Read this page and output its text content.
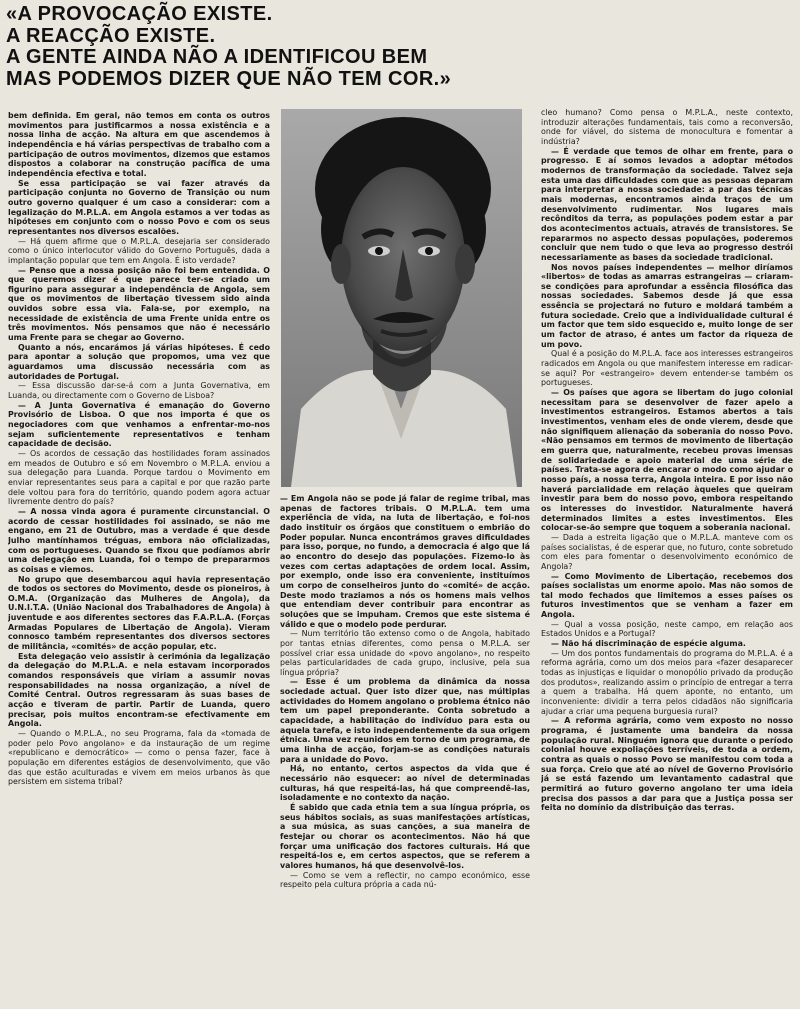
«A PROVOCAÇÃO EXISTE.
A REACÇÃO EXISTE.
A GENTE AINDA NÃO A IDENTIFICOU BEM
MAS PODEMOS DIZER QUE NÃO TEM COR.»

bem definida. Em geral, não temos em conta os outros movimentos para justificarmos a nossa existência e a nossa linha de acção. Na altura em que ascendemos à independência e há várias perspectivas de trabalho com a participação de outros movimentos, dizemos que estamos dispostos a colaborar na construção pacífica de uma independência efectiva e total.

Se essa participação se vai fazer através da participação conjunta no Governo de Transição ou num outro governo qualquer é um caso a considerar: com a legalização do M.P.L.A. em Angola estamos a ver todas as hipóteses em conjunto com o nosso Povo e com os seus representantes nos diversos escalões.

— Há quem afirme que o M.P.L.A. desejaria ser considerado como o único interlocutor válido do Governo Português, dada a implantação popular que tem em Angola. É isto verdade?

— Penso que a nossa posição não foi bem entendida. O que queremos dizer é que parece ter-se criado um figurino para assegurar a independência de Angola, sem que os movimentos de libertação tivessem sido ainda ouvidos sobre essa via. Fala-se, por exemplo, na necessidade de existência de uma Frente unida entre os três movimentos. Nós pensamos que não é necessário uma Frente para se chegar ao Governo.

Quanto a nós, encarámos já várias hipóteses. É cedo para apontar a solução que propomos, uma vez que aguardamos uma discussão necessária com as autoridades de Portugal.

— Essa discussão dar-se-á com a Junta Governativa, em Luanda, ou directamente com o Governo de Lisboa?

— A Junta Governativa é emanação do Governo Provisório de Lisboa. O que nos importa é que os negociadores com que venhamos a enfrentar-mo-nos sejam suficientemente representativos e tenham capacidade de decisão.

— Os acordos de cessação das hostilidades foram assinados em meados de Outubro e só em Novembro o M.P.L.A. enviou a sua delegação para Luanda. Porque tardou o Movimento em enviar representantes seus para a capital e por que razão parte dele voltou para fora do território, quando podem agora actuar livremente dentro do país?

— A nossa vinda agora é puramente circunstancial. O acordo de cessar hostilidades foi assinado, se não me engano, em 21 de Outubro, mas a verdade é que desde Julho mantínhamos tréguas, embora não oficializadas, com os portugueses. Quando se fixou que podíamos abrir uma delegação em Luanda, foi o tempo de prepararmos as coisas e viemos.

No grupo que desembarcou aqui havia representação de todos os sectores do Movimento, desde os pioneiros, à O.M.A. (Organização das Mulheres de Angola), da U.N.I.T.A. (União Nacional dos Trabalhadores de Angola) à juventude e aos diferentes sectores das F.A.P.L.A. (Forças Armadas Populares de Libertação de Angola). Vieram connosco também representantes dos diversos sectores de militância, «comités» de acção popular, etc.

Esta delegação veio assistir à cerimónia da legalização da delegação do M.P.L.A. e nela estavam incorporados comandos responsáveis que viriam a assumir novas responsabilidades na nossa organização, a nível de Comité Central. Outros regressaram às suas bases de acção e tiveram de partir. Partir de Luanda, quero precisar, pois muitos encontram-se efectivamente em Angola.

— Quando o M.P.L.A., no seu Programa, fala da «tomada de poder pelo Povo angolano» e da instauração de um regime «republicano e democrático» — como o pensa fazer, face à população em diferentes estágios de desenvolvimento, que vão das que estão aculturadas e vivem em meios urbanos às que persistem em sistema tribal?

— Em Angola não se pode já falar de regime tribal, mas apenas de factores tribais. O M.P.L.A. tem uma experiência de vida, na luta de libertação, e foi-nos dado instituir os órgãos que constituem o embrião do Poder popular. Nunca encontrámos graves dificuldades para isso, porque, no fundo, a democracia é algo que lá ao encontro do desejo das populações. Fizemo-lo às vezes com certas adaptações de ordem local. Assim, por exemplo, onde isso era conveniente, instituímos um corpo de conselheiros junto do «comité» de acção. Deste modo traziamos a nós os homens mais velhos que entendiam dever contribuir para encontrar as soluções que se impuham. Cremos que este sistema é válido e que o modelo pode perdurar.

— Num território tão extenso como o de Angola, habitado por tantas etnias diferentes, como pensa o M.P.L.A. ser possível criar essa unidade do «povo angolano», no respeito pelas particularidades de cada grupo, inclusive, pela sua língua própria?

— Esse é um problema da dinâmica da nossa sociedade actual. Quer isto dizer que, nas múltiplas actividades do Homem angolano o problema étnico não tem um papel preponderante. Conta sobretudo a capacidade, a habilitação do indivíduo para esta ou aquela tarefa, e isto independentemente da sua origem étnica. Uma vez reunidos em torno de um programa, de uma linha de acção, forjam-se as condições naturais para a unidade do Povo.

Há, no entanto, certos aspectos da vida que é necessário não esquecer: ao nível de determinadas culturas, há que respeitá-las, há que compreendê-las, isoladamente e no contexto da nação.

É sabido que cada etnia tem a sua língua própria, os seus hábitos sociais, as suas manifestações artísticas, a sua música, as suas canções, a sua maneira de festejar ou chorar os acontecimentos. Não há que forçar uma unificação dos factores culturais. Há que respeitá-los e, em certos aspectos, que se referem a valores humanos, há que desenvolvê-los.

— Como se vem a reflectir, no campo económico, esse respeito pela cultura própria a cada nú-

cleo humano? Como pensa o M.P.L.A., neste contexto, introduzir alterações fundamentais, tais como a reconversão, onde for viável, do sistema de monocultura e fomentar a indústria?

— É verdade que temos de olhar em frente, para o progresso. E aí somos levados a adoptar métodos modernos de transformação da sociedade. Talvez seja esta uma das dificuldades com que as pessoas deparam para interpretar a nossa sociedade: a par das técnicas mais modernas, encontramos ainda traços de um desenvolvimento rudimentar. Nos lugares mais recônditos da terra, as populações podem estar a par dos acontecimentos actuais, através de transistores. Se repararmos no aspecto dessas populações, poderemos concluir que nem tudo o que leva ao progresso destrói necessariamente as bases da sociedade tradicional.

Nos novos países independentes — melhor diríamos «libertos» de todas as amarras estrangeiras — criaram-se condições para aprofundar a essência filosófica das nossas sociedades. Sabemos desde já que essa essência se projectará no futuro e moldará também a futura sociedade. Creio que a individualidade cultural é um factor que tem sido esquecido e, muito longe de ser um factor de atraso, é antes um factor da riqueza de um povo.

Qual é a posição do M.P.L.A. face aos interesses estrangeiros radicados em Angola ou que manifestem interesse em radicar-se aqui? Por «estrangeiro» devem entender-se também os portugueses.

— Os países que agora se libertam do jugo colonial necessitam para se desenvolver de fazer apelo a investimentos estrangeiros. Estamos abertos a tais investimentos, venham eles de onde vierem, desde que não signifiquem alienação da soberania do nosso Povo. «Não pensamos em termos de movimento de libertação em guerra que, naturalmente, recebeu provas imensas de solidariedade e apoio material de uma série de países. Trata-se agora de encarar o modo como ajudar o nosso país, a nossa terra, Angola inteira. E por isso não haverá parcialidade em relação àqueles que queiram investir para bem do nosso povo, embora respeitando os interesses do investidor. Naturalmente haverá determinados limites a estes investimentos. Eles colocar-se-ão sempre que toquem a soberania nacional.

— Dada a estreita ligação que o M.P.L.A. manteve com os países socialistas, é de esperar que, no futuro, conte sobretudo com eles para fomentar o desenvolvimento económico de Angola?

— Como Movimento de Libertação, recebemos dos países socialistas um enorme apoio. Mas não somos de tal modo fechados que limitemos a esses países os futuros investimentos que se venham a fazer em Angola.

— Qual a vossa posição, neste campo, em relação aos Estados Unidos e a Portugal?

— Não há discriminação de espécie alguma.

— Um dos pontos fundamentais do programa do M.P.L.A. é a reforma agrária, como um dos meios para «fazer desaparecer todas as injustiças e liquidar o monopólio privado da produção dos produtos», realizando assim o princípio de entregar a terra a quem a trabalha. Há quem aponte, no entanto, um inconveniente: dividir a terra pelos cidadãos não significaria ajudar a criar uma pequena burguesia rural?

— A reforma agrária, como vem exposto no nosso programa, é justamente uma bandeira da nossa população rural. Ninguém ignora que durante o período colonial houve expoliações terríveis, de toda a ordem, contra as quais o nosso Povo se manifestou com toda a sua força. Creio que até ao nível de Governo Provisório já se está fazendo um levantamento cadastral que permitirá ao futuro governo angolano ter uma ideia precisa dos passos a dar para que a Justiça possa ser feita no domínio da distribuição das terras.
